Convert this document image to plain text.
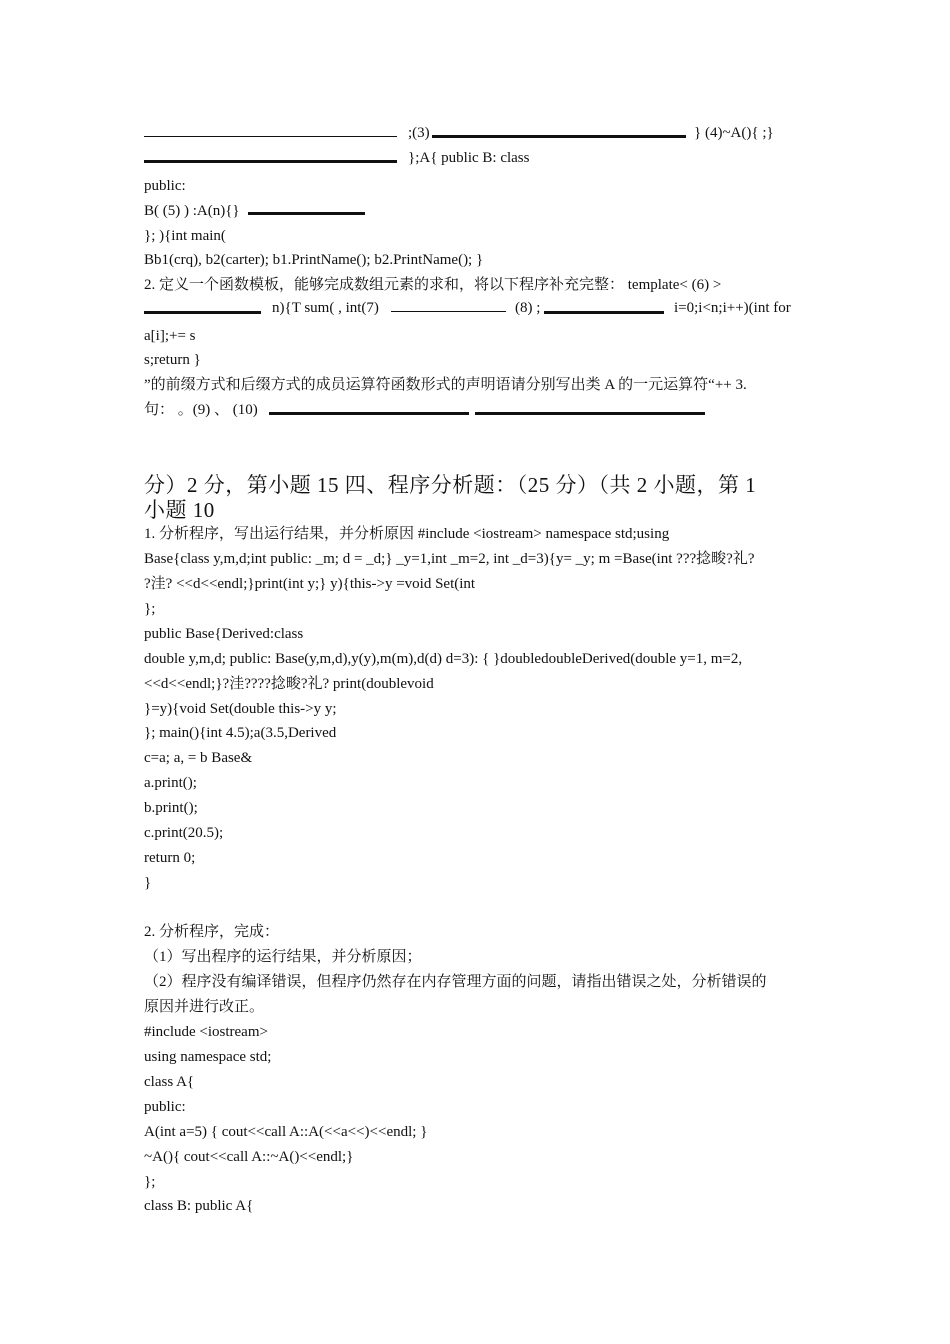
;(3)	} (4)~A(){ ;}
};A{ public B: class
public:
B( (5) ) :A(n){}
}; ){int main(
Bb1(crq), b2(carter); b1.PrintName(); b2.PrintName(); }
2. 定义一个函数模板，能够完成数组元素的求和，将以下程序补充完整： template< (6) >
n){T sum( , int(7)	(8) ;	i=0;i<n;i++)(int for
a[i];+= s
s;return }
”的前缀方式和后缀方式的成员运算符函数形式的声明语请分别写出类 A 的一元运算符“++ 3.
句： 。(9) 、 (10)
分）2 分，第小题 15 四、程序分析题：（25 分）（共 2 小题，第 1
小题 10
1. 分析程序，写出运行结果，并分析原因 #include <iostream> namespace std;using
Base{class y,m,d;int public: _m; d = _d;} _y=1,int _m=2, int _d=3){y= _y; m =Base(int ???捻畯?礼?
?洼? <<d<<endl;}print(int y;} y){this->y =void Set(int
};
public Base{Derived:class
double y,m,d; public: Base(y,m,d),y(y),m(m),d(d) d=3): { }doubledoubleDerived(double y=1, m=2,
<<d<<endl;}?洼????捻畯?礼? print(doublevoid
}=y){void Set(double this->y y;
}; main(){int 4.5);a(3.5,Derived
c=a; a, = b Base&
a.print();
b.print();
c.print(20.5);
return 0;
}
2. 分析程序，完成：
（1）写出程序的运行结果，并分析原因；
（2）程序没有编译错误，但程序仍然存在内存管理方面的问题，请指出错误之处，分析错误的
原因并进行改正。
#include <iostream>
using namespace std;
class A{
public:
A(int a=5) { cout<<call A::A(<<a<<)<<endl; }
~A(){ cout<<call A::~A()<<endl;}
};
class B: public A{
